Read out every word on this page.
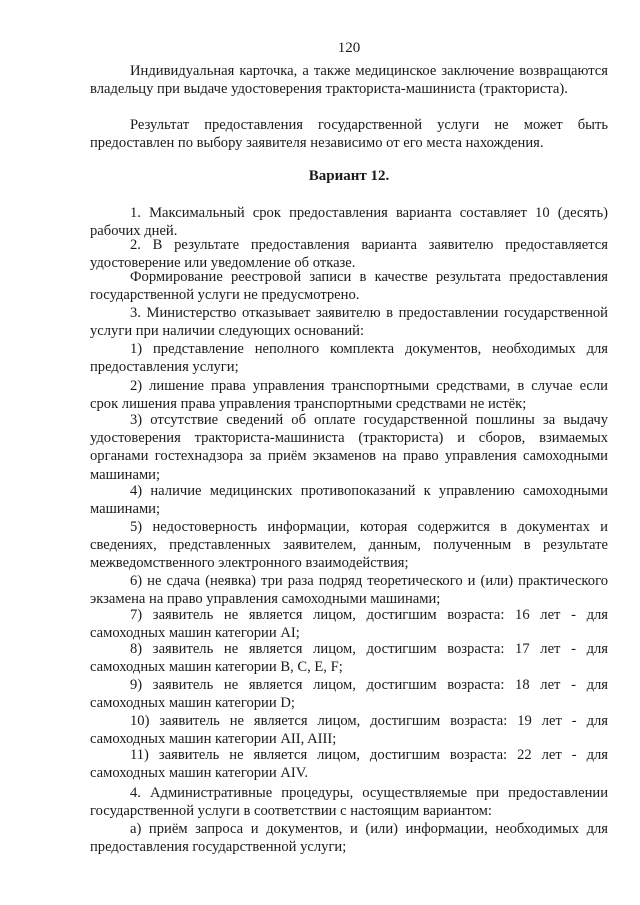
120

Индивидуальная карточка, а также медицинское заключение возвращаются владельцу при выдаче удостоверения тракториста-машиниста (тракториста).

Результат предоставления государственной услуги не может быть предоставлен по выбору заявителя независимо от его места нахождения.

Вариант 12.

1. Максимальный срок предоставления варианта составляет 10 (десять) рабочих дней.

2. В результате предоставления варианта заявителю предоставляется удостоверение или уведомление об отказе.

Формирование реестровой записи в качестве результата предоставления государственной услуги не предусмотрено.

3. Министерство отказывает заявителю в предоставлении государственной услуги при наличии следующих оснований:

1) представление неполного комплекта документов, необходимых для предоставления услуги;

2) лишение права управления транспортными средствами, в случае если срок лишения права управления транспортными средствами не истёк;

3) отсутствие сведений об оплате государственной пошлины за выдачу удостоверения тракториста-машиниста (тракториста) и сборов, взимаемых органами гостехнадзора за приём экзаменов на право управления самоходными машинами;

4) наличие медицинских противопоказаний к управлению самоходными машинами;

5) недостоверность информации, которая содержится в документах и сведениях, представленных заявителем, данным, полученным в результате межведомственного электронного взаимодействия;

6) не сдача (неявка) три раза подряд теоретического и (или) практического экзамена на право управления самоходными машинами;

7) заявитель не является лицом, достигшим возраста: 16 лет - для самоходных машин категории AI;

8) заявитель не является лицом, достигшим возраста: 17 лет - для самоходных машин категории B, C, E, F;

9) заявитель не является лицом, достигшим возраста: 18 лет - для самоходных машин категории D;

10) заявитель не является лицом, достигшим возраста: 19 лет - для самоходных машин категории AII, AIII;

11) заявитель не является лицом, достигшим возраста: 22 лет - для самоходных машин категории AIV.

4. Административные процедуры, осуществляемые при предоставлении государственной услуги в соответствии с настоящим вариантом:

а) приём запроса и документов, и (или) информации, необходимых для предоставления государственной услуги;
